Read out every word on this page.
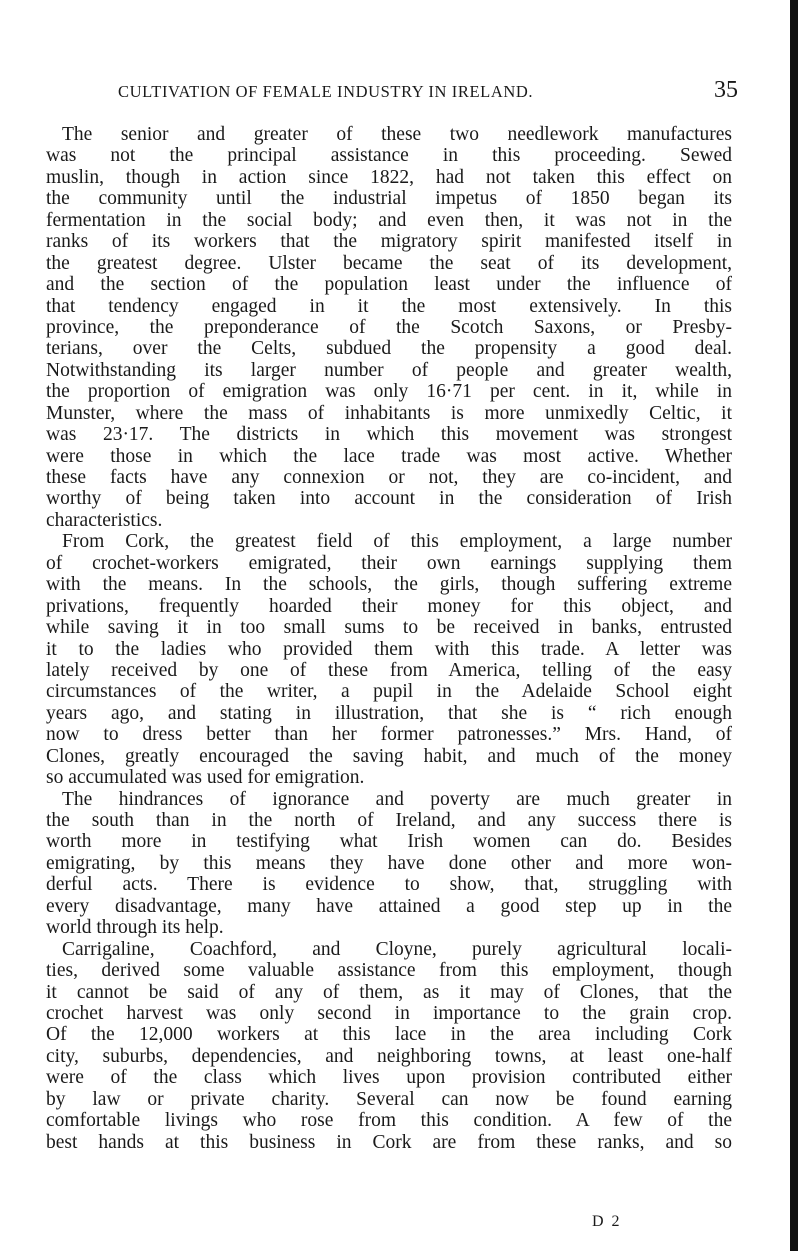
CULTIVATION OF FEMALE INDUSTRY IN IRELAND.	35
The senior and greater of these two needlework manufactures
was not the principal assistance in this proceeding. Sewed
muslin, though in action since 1822, had not taken this effect on
the community until the industrial impetus of 1850 began its
fermentation in the social body; and even then, it was not in the
ranks of its workers that the migratory spirit manifested itself in
the greatest degree. Ulster became the seat of its development,
and the section of the population least under the influence of
that tendency engaged in it the most extensively. In this
province, the preponderance of the Scotch Saxons, or Presby-
terians, over the Celts, subdued the propensity a good deal.
Notwithstanding its larger number of people and greater wealth,
the proportion of emigration was only 16·71 per cent. in it, while in
Munster, where the mass of inhabitants is more unmixedly Celtic, it
was 23·17. The districts in which this movement was strongest
were those in which the lace trade was most active. Whether
these facts have any connexion or not, they are co-incident, and
worthy of being taken into account in the consideration of Irish
characteristics.
From Cork, the greatest field of this employment, a large number
of crochet-workers emigrated, their own earnings supplying them
with the means. In the schools, the girls, though suffering extreme
privations, frequently hoarded their money for this object, and
while saving it in too small sums to be received in banks, entrusted
it to the ladies who provided them with this trade. A letter was
lately received by one of these from America, telling of the easy
circumstances of the writer, a pupil in the Adelaide School eight
years ago, and stating in illustration, that she is “ rich enough
now to dress better than her former patronesses.” Mrs. Hand, of
Clones, greatly encouraged the saving habit, and much of the money
so accumulated was used for emigration.
The hindrances of ignorance and poverty are much greater in
the south than in the north of Ireland, and any success there is
worth more in testifying what Irish women can do. Besides
emigrating, by this means they have done other and more won-
derful acts. There is evidence to show, that, struggling with
every disadvantage, many have attained a good step up in the
world through its help.
Carrigaline, Coachford, and Cloyne, purely agricultural locali-
ties, derived some valuable assistance from this employment, though
it cannot be said of any of them, as it may of Clones, that the
crochet harvest was only second in importance to the grain crop.
Of the 12,000 workers at this lace in the area including Cork
city, suburbs, dependencies, and neighboring towns, at least one-half
were of the class which lives upon provision contributed either
by law or private charity. Several can now be found earning
comfortable livings who rose from this condition. A few of the
best hands at this business in Cork are from these ranks, and so
D 2
